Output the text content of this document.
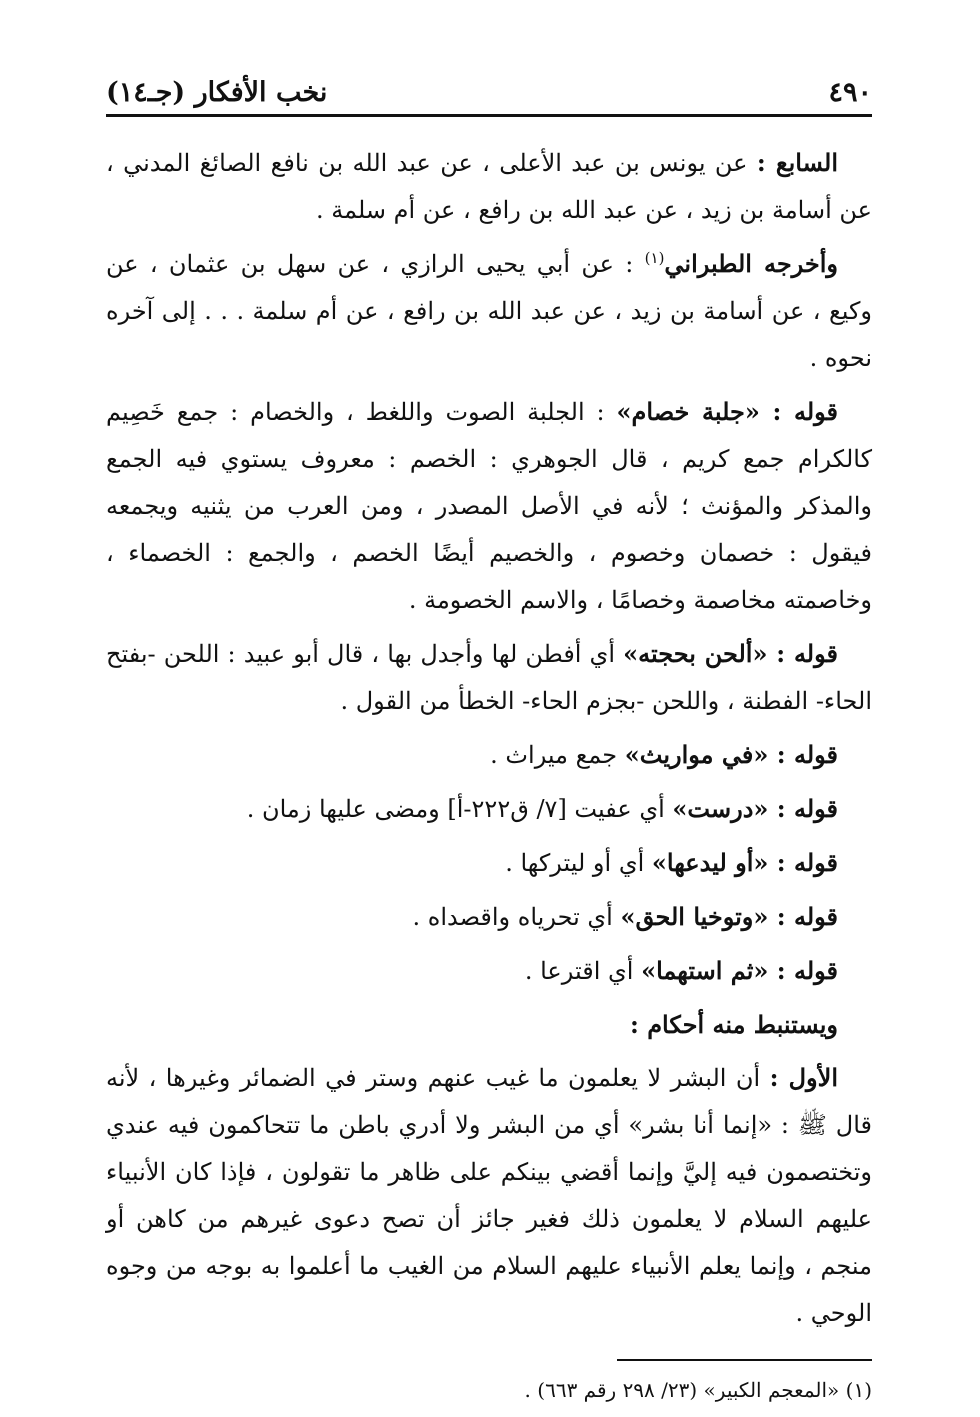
٤٩٠
نخب الأفكار (جـ١٤)

السابع : عن يونس بن عبد الأعلى ، عن عبد الله بن نافع الصائغ المدني ، عن أسامة بن زيد ، عن عبد الله بن رافع ، عن أم سلمة .

وأخرجه الطبراني$^{(١)}$ : عن أبي يحيى الرازي ، عن سهل بن عثمان ، عن وكيع ، عن أسامة بن زيد ، عن عبد الله بن رافع ، عن أم سلمة . . . إلى آخره نحوه .

قوله : «جلبة خصام» : الجلبة الصوت واللغط ، والخصام : جمع خَصِيم كالكرام جمع كريم ، قال الجوهري : الخصم : معروف يستوي فيه الجمع والمذكر والمؤنث ؛ لأنه في الأصل المصدر ، ومن العرب من يثنيه ويجمعه فيقول : خصمان وخصوم ، والخصيم أيضًا الخصم ، والجمع : الخصماء ، وخاصمته مخاصمة وخصامًا ، والاسم الخصومة .

قوله : «ألحن بحجته» أي أفطن لها وأجدل بها ، قال أبو عبيد : اللحن -بفتح الحاء- الفطنة ، واللحن -بجزم الحاء- الخطأ من القول .

قوله : «في مواريث» جمع ميراث .

قوله : «درست» أي عفيت [٧/ ق٢٢٢-أ] ومضى عليها زمان .

قوله : «أو ليدعها» أي أو ليتركها .

قوله : «وتوخيا الحق» أي تحرياه واقصداه .

قوله : «ثم استهما» أي اقترعا .

ويستنبط منه أحكام :

الأول : أن البشر لا يعلمون ما غيب عنهم وستر في الضمائر وغيرها ، لأنه قال ﷺ : «إنما أنا بشر» أي من البشر ولا أدري باطن ما تتحاكمون فيه عندي وتختصمون فيه إليَّ وإنما أقضي بينكم على ظاهر ما تقولون ، فإذا كان الأنبياء عليهم السلام لا يعلمون ذلك فغير جائز أن تصح دعوى غيرهم من كاهن أو منجم ، وإنما يعلم الأنبياء عليهم السلام من الغيب ما أعلموا به بوجه من وجوه الوحي .

(١) «المعجم الكبير» (٢٣/ ٢٩٨ رقم ٦٦٣) .
